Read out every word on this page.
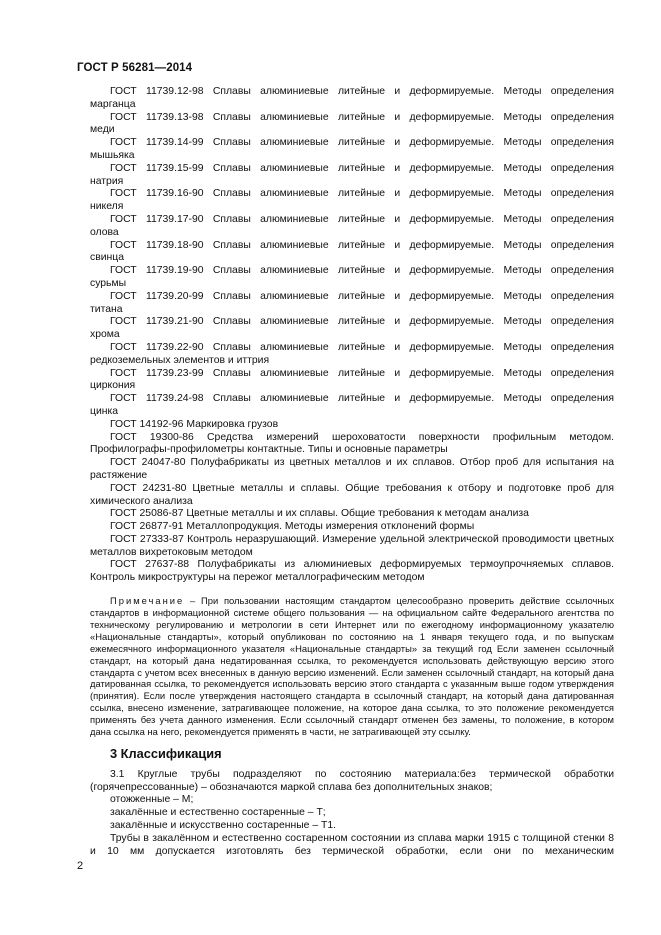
ГОСТ Р 56281—2014

ГОСТ 11739.12-98 Сплавы алюминиевые литейные и деформируемые. Методы определения
марганца

ГОСТ 11739.13-98 Сплавы алюминиевые литейные и деформируемые. Методы определения
меди

ГОСТ 11739.14-99 Сплавы алюминиевые литейные и деформируемые. Методы определения
мышьяка

ГОСТ 11739.15-99 Сплавы алюминиевые литейные и деформируемые. Методы определения
натрия

ГОСТ 11739.16-90 Сплавы алюминиевые литейные и деформируемые. Методы определения
никеля

ГОСТ 11739.17-90 Сплавы алюминиевые литейные и деформируемые. Методы определения
олова

ГОСТ 11739.18-90 Сплавы алюминиевые литейные и деформируемые. Методы определения
свинца

ГОСТ 11739.19-90 Сплавы алюминиевые литейные и деформируемые. Методы определения
сурьмы

ГОСТ 11739.20-99 Сплавы алюминиевые литейные и деформируемые. Методы определения
титана

ГОСТ 11739.21-90 Сплавы алюминиевые литейные и деформируемые. Методы определения
хрома

ГОСТ 11739.22-90 Сплавы алюминиевые литейные и деформируемые. Методы определения
редкоземельных элементов и иттрия

ГОСТ 11739.23-99 Сплавы алюминиевые литейные и деформируемые. Методы определения
циркония

ГОСТ 11739.24-98 Сплавы алюминиевые литейные и деформируемые. Методы определения
цинка

ГОСТ 14192-96 Маркировка грузов

ГОСТ 19300-86 Средства измерений шероховатости поверхности профильным методом. Профилографы-профилометры контактные. Типы и основные параметры

ГОСТ 24047-80 Полуфабрикаты из цветных металлов и их сплавов. Отбор проб для испытания на растяжение

ГОСТ 24231-80 Цветные металлы и сплавы. Общие требования к отбору и подготовке проб для химического анализа

ГОСТ 25086-87 Цветные металлы и их сплавы. Общие требования к методам анализа

ГОСТ 26877-91 Металлопродукция. Методы измерения отклонений формы

ГОСТ 27333-87 Контроль неразрушающий. Измерение удельной электрической проводимости цветных металлов вихретоковым методом

ГОСТ 27637-88 Полуфабрикаты из алюминиевых деформируемых термоупрочняемых сплавов. Контроль микроструктуры на пережог металлографическим методом

Примечание – При пользовании настоящим стандартом целесообразно проверить действие ссылочных стандартов в информационной системе общего пользования — на официальном сайте Федерального агентства по техническому регулированию и метрологии в сети Интернет или по ежегодному информационному указателю «Национальные стандарты», который опубликован по состоянию на 1 января текущего года, и по выпускам ежемесячного информационного указателя «Национальные стандарты» за текущий год Если заменен ссылочный стандарт, на который дана недатированная ссылка, то рекомендуется использовать действующую версию этого стандарта с учетом всех внесенных в данную версию изменений. Если заменен ссылочный стандарт, на который дана датированная ссылка, то рекомендуется использовать версию этого стандарта с указанным выше годом утверждения (принятия). Если после утверждения настоящего стандарта в ссылочный стандарт, на который дана датированная ссылка, внесено изменение, затрагивающее положение, на которое дана ссылка, то это положение рекомендуется применять без учета данного изменения. Если ссылочный стандарт отменен без замены, то положение, в котором дана ссылка на него, рекомендуется применять в части, не затрагивающей эту ссылку.

3 Классификация

3.1 Круглые трубы подразделяют по состоянию материала:без термической обработки (горячепрессованные) – обозначаются маркой сплава без дополнительных знаков;

отожженные – М;

закалённые и естественно состаренные – Т;

закалённые и искусственно состаренные – Т1.

Трубы в закалённом и естественно состаренном состоянии из сплава марки 1915 с толщиной стенки 8 и 10 мм допускается изготовлять без термической обработки, если они по механическим

2
